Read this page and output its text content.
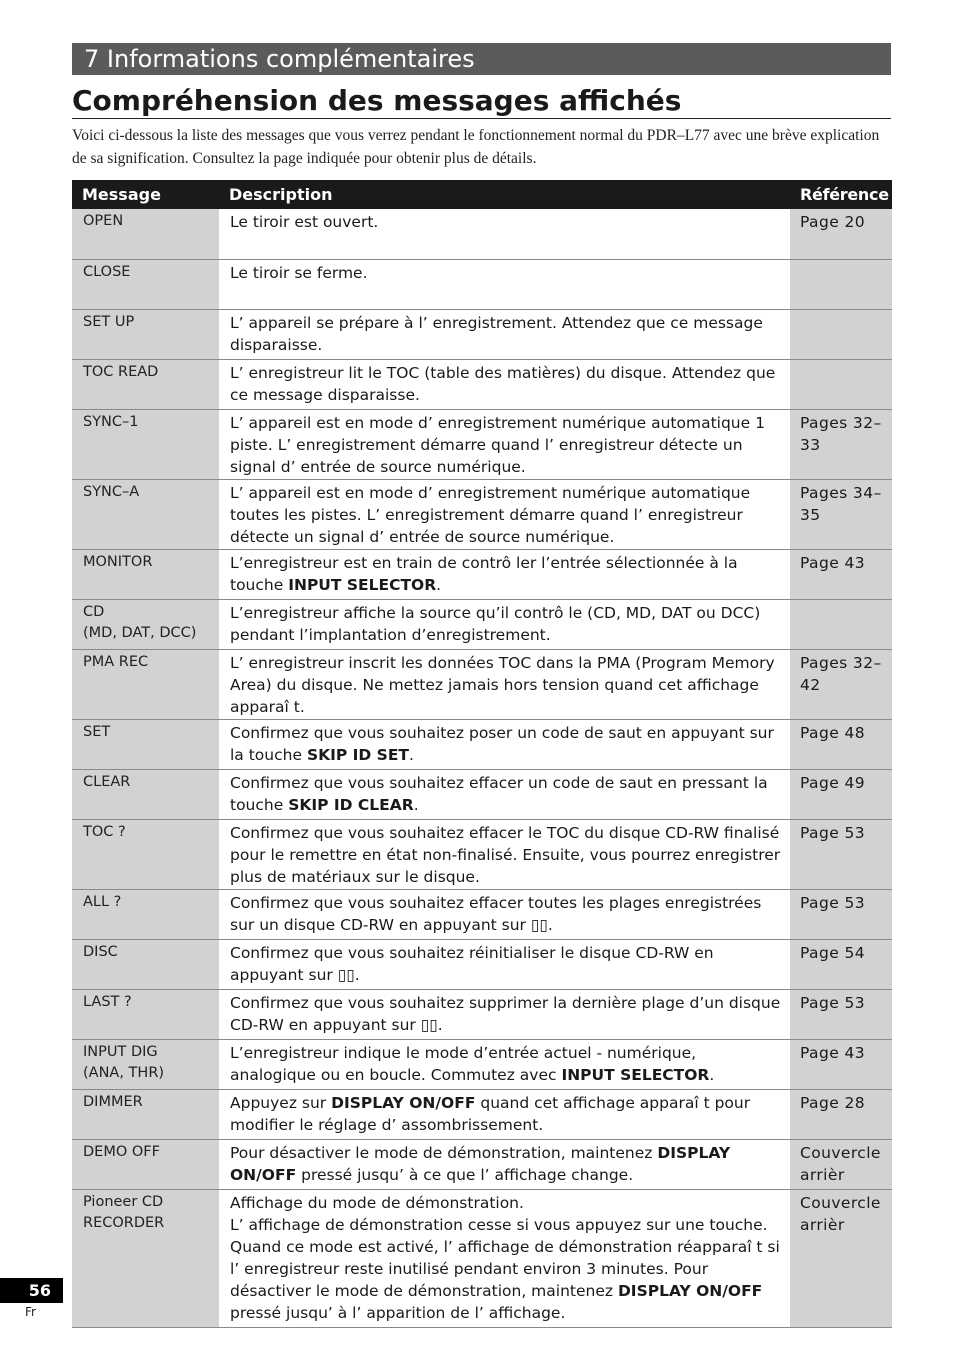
7 Informations complémentaires
Compréhension des messages affichés
Voici ci-dessous la liste des messages que vous verrez pendant le fonctionnement normal du PDR–L77 avec une brève explication de sa signification. Consultez la page indiquée pour obtenir plus de détails.
Message	Description	Référence

OPEN	Le tiroir est ouvert.	Page 20

CLOSE	Le tiroir se ferme.	

SET UP	L’ appareil se prépare à l’ enregistrement. Attendez que ce message disparaisse.	

TOC READ	L’ enregistreur lit le TOC (table des matières) du disque. Attendez que ce message disparaisse.	

SYNC–1	L’ appareil est en mode d’ enregistrement numérique automatique 1 piste. L’ enregistrement démarre quand l’ enregistreur détecte un signal d’ entrée de source numérique.	Pages 32–33

SYNC–A	L’ appareil est en mode d’ enregistrement numérique automatique toutes les pistes. L’ enregistrement démarre quand l’ enregistreur détecte un signal d’ entrée de source numérique.	Pages 34–35

MONITOR	L’enregistreur est en train de contrô ler l’entrée sélectionnée à la touche INPUT SELECTOR.	Page 43

CD
(MD, DAT, DCC)	L’enregistreur affiche la source qu’il contrô le (CD, MD, DAT ou DCC) pendant l’implantation d’enregistrement.	

PMA REC	L’ enregistreur inscrit les données TOC dans la PMA (Program Memory Area) du disque. Ne mettez jamais hors tension quand cet affichage apparaî t.	Pages 32–42

SET	Confirmez que vous souhaitez poser un code de saut en appuyant sur la touche SKIP ID SET.	Page 48

CLEAR	Confirmez que vous souhaitez effacer un code de saut en pressant la touche SKIP ID CLEAR.	Page 49

TOC ?	Confirmez que vous souhaitez effacer le TOC du disque CD-RW finalisé pour le remettre en état non-finalisé. Ensuite, vous pourrez enregistrer plus de matériaux sur le disque.	Page 53

ALL ?	Confirmez que vous souhaitez effacer toutes les plages enregistrées sur un disque CD-RW en appuyant sur ▯▯.	Page 53

DISC	Confirmez que vous souhaitez réinitialiser le disque CD-RW en appuyant sur ▯▯.	Page 54

LAST ?	Confirmez que vous souhaitez supprimer la dernière plage d’un disque CD-RW en appuyant sur ▯▯.	Page 53

INPUT DIG
(ANA, THR)	L’enregistreur indique le mode d’entrée actuel - numérique, analogique ou en boucle. Commutez avec INPUT SELECTOR.	Page 43

DIMMER	Appuyez sur DISPLAY ON/OFF quand cet affichage apparaî t pour modifier le réglage d’ assombrissement.	Page 28

DEMO OFF	Pour désactiver le mode de démonstration, maintenez DISPLAY ON/OFF pressé jusqu’ à ce que l’ affichage change.	Couvercle arrièr

Pioneer CD
RECORDER	Affichage du mode de démonstration.
L’ affichage de démonstration cesse si vous appuyez sur une touche. Quand ce mode est activé, l’ affichage de démonstration réapparaî t si l’ enregistreur reste inutilisé pendant environ 3 minutes. Pour désactiver le mode de démonstration, maintenez DISPLAY ON/OFF pressé jusqu’ à l’ apparition de l’ affichage.	Couvercle arrièr
56
Fr
